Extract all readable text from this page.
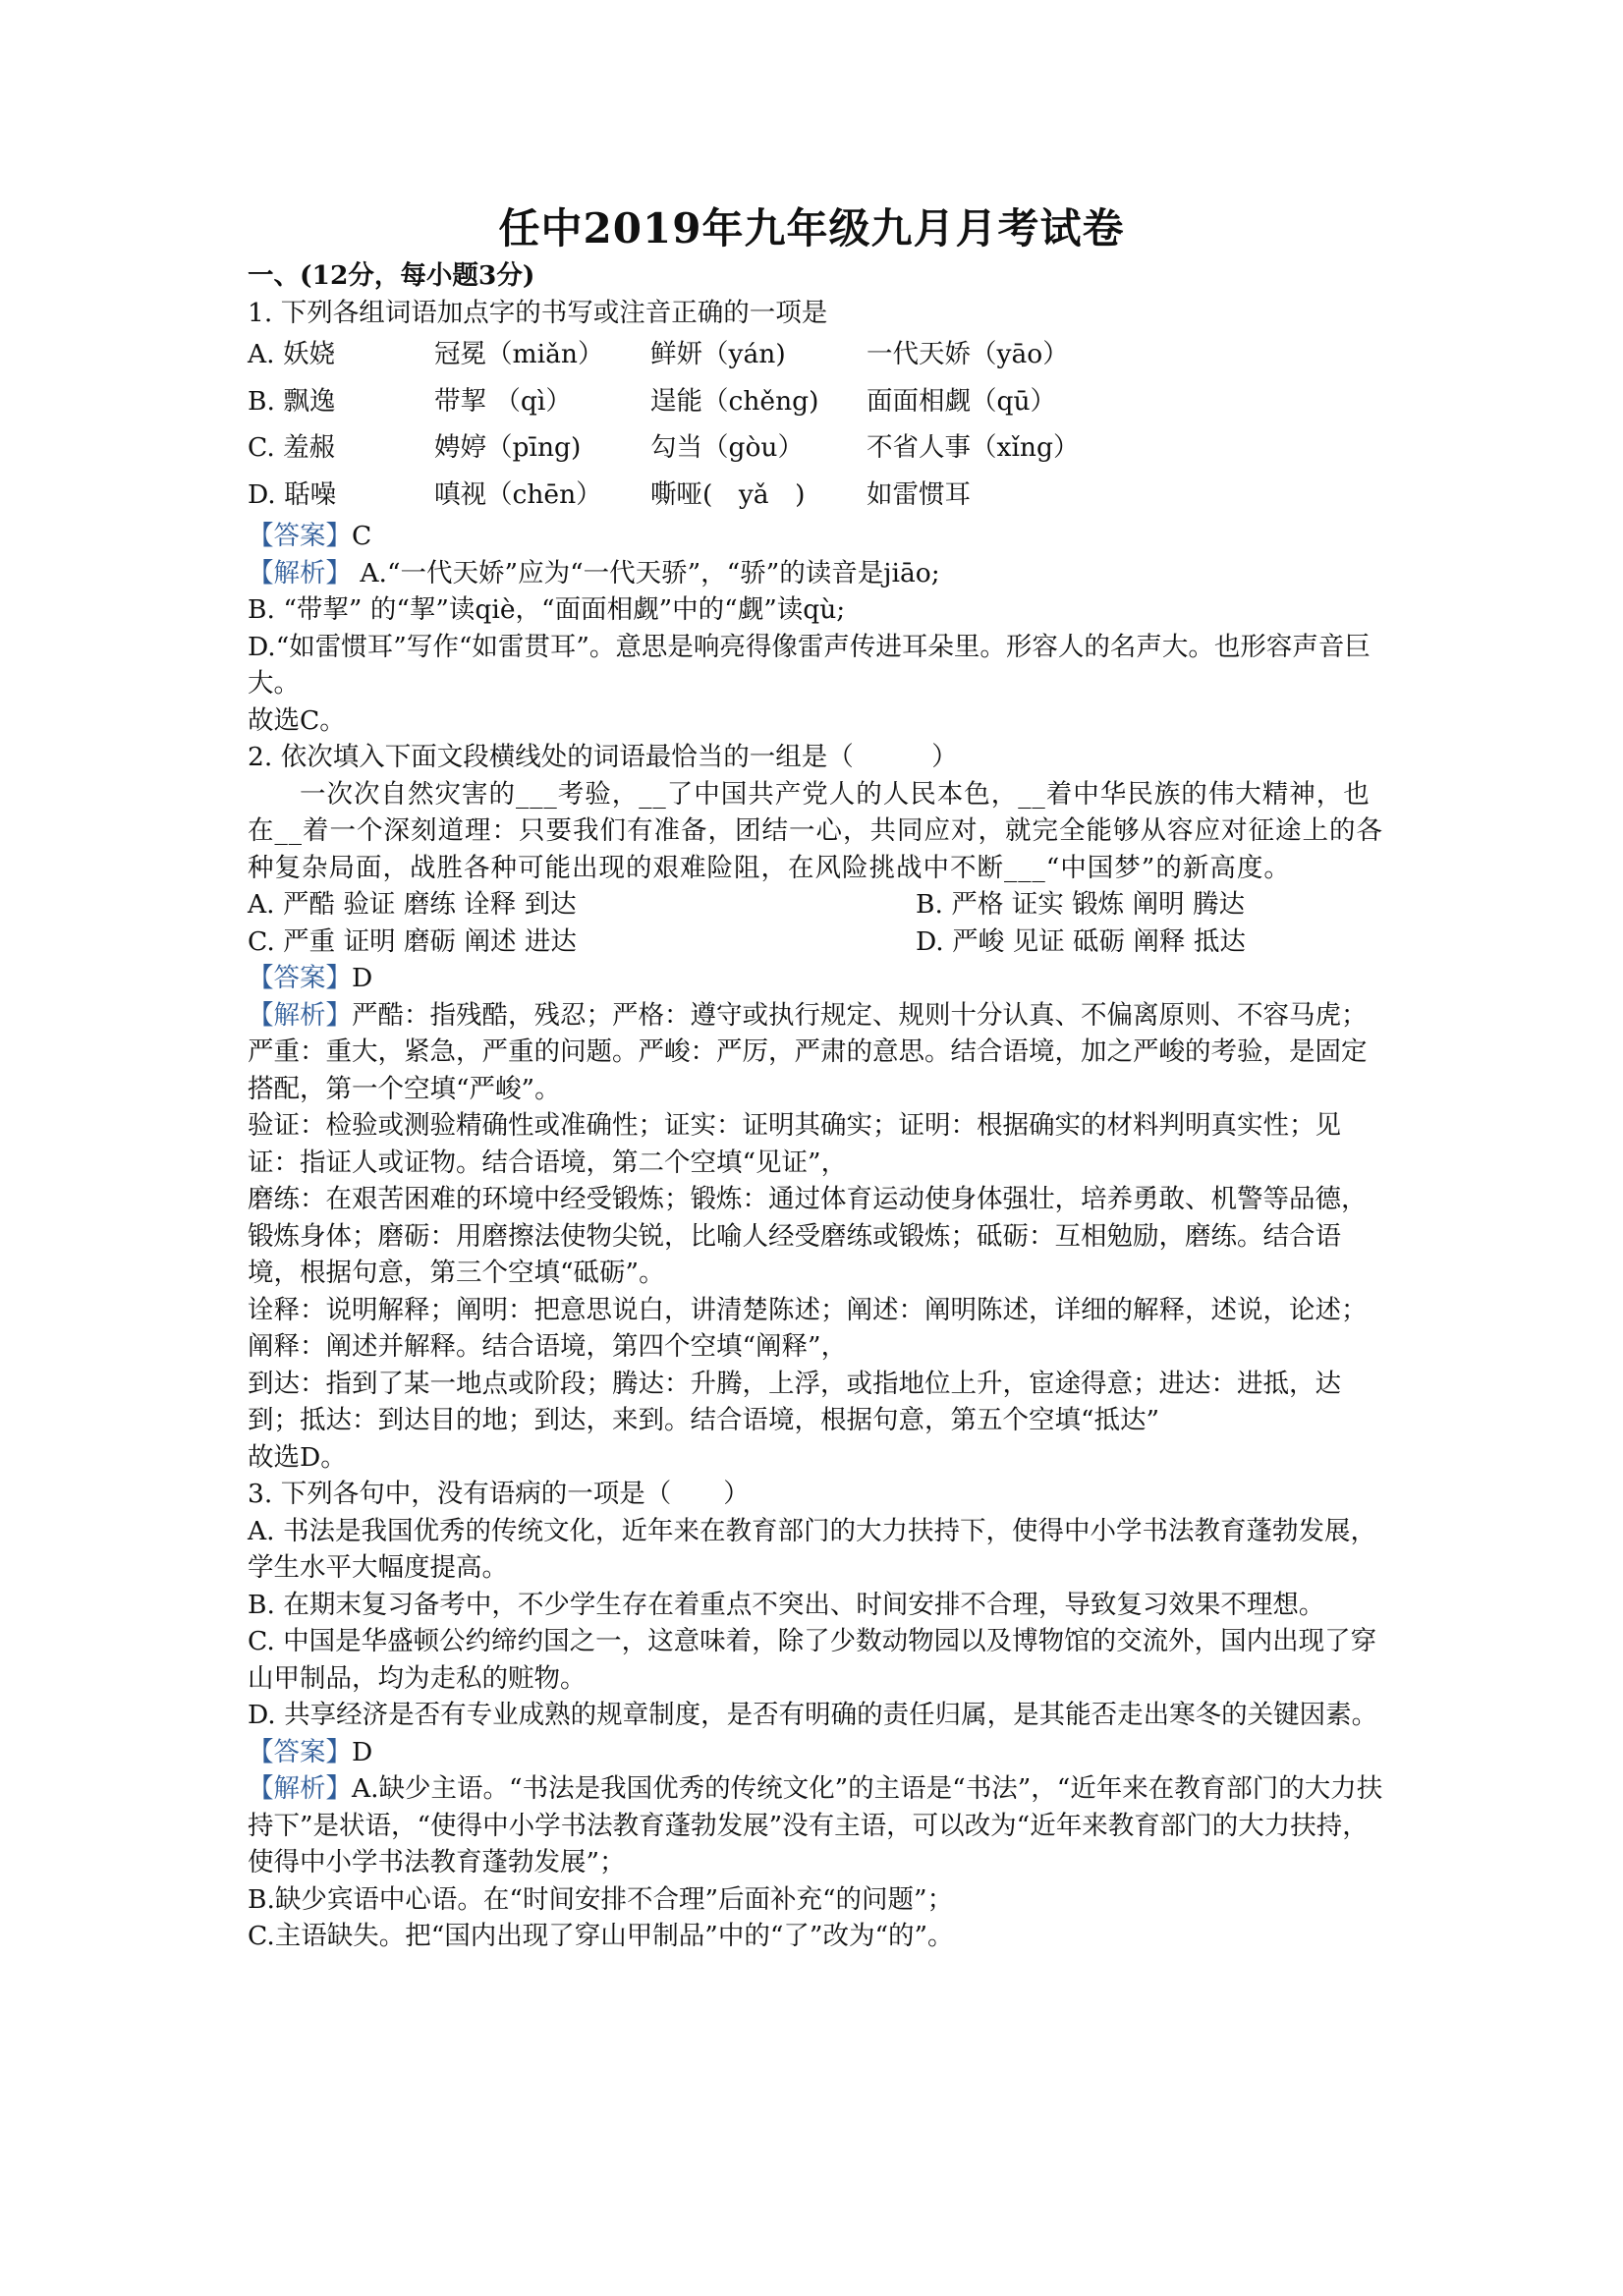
任中2019年九年级九月月考试卷

一、(12分，每小题3分)

1. 下列各组词语加点字的书写或注音正确的一项是

A. 妖娆	冠冕（miǎn）	鲜妍（yán)	一代天娇（yāo）
B. 飘逸	带挈 （qì）	逞能（chěng)	面面相觑（qū）
C. 羞赧	娉婷（pīng)	勾当（gòu）	不省人事（xǐng）
D. 聒噪	嗔视（chēn）	嘶哑(　yǎ　)	如雷惯耳

【答案】C

【解析】 A.“一代天娇”应为“一代天骄”，“骄”的读音是jiāo;

B. “带挈” 的“挈”读qiè，“面面相觑”中的“觑”读qù;

D.“如雷惯耳”写作“如雷贯耳”。意思是响亮得像雷声传进耳朵里。形容人的名声大。也形容声音巨大。

故选C。

2. 依次填入下面文段横线处的词语最恰当的一组是（　　　）

一次次自然灾害的___考验，__了中国共产党人的人民本色，__着中华民族的伟大精神，也在__着一个深刻道理：只要我们有准备，团结一心，共同应对，就完全能够从容应对征途上的各种复杂局面，战胜各种可能出现的艰难险阻，在风险挑战中不断___“中国梦”的新高度。

A. 严酷 验证 磨练 诠释 到达	B. 严格 证实 锻炼 阐明 腾达
C. 严重 证明 磨砺 阐述 进达	D. 严峻 见证 砥砺 阐释 抵达

【答案】D

【解析】严酷：指残酷，残忍；严格：遵守或执行规定、规则十分认真、不偏离原则、不容马虎；严重：重大，紧急，严重的问题。严峻：严厉，严肃的意思。结合语境，加之严峻的考验，是固定搭配，第一个空填“严峻”。

验证：检验或测验精确性或准确性；证实：证明其确实；证明：根据确实的材料判明真实性；见证：指证人或证物。结合语境，第二个空填“见证”，

磨练：在艰苦困难的环境中经受锻炼；锻炼：通过体育运动使身体强壮，培养勇敢、机警等品德，锻炼身体；磨砺：用磨擦法使物尖锐，比喻人经受磨练或锻炼；砥砺：互相勉励，磨练。结合语境，根据句意，第三个空填“砥砺”。

诠释：说明解释；阐明：把意思说白，讲清楚陈述；阐述：阐明陈述，详细的解释，述说，论述；阐释：阐述并解释。结合语境，第四个空填“阐释”，

到达：指到了某一地点或阶段；腾达：升腾，上浮，或指地位上升，宦途得意；进达：进抵，达到；抵达：到达目的地；到达，来到。结合语境，根据句意，第五个空填“抵达”

故选D。

3. 下列各句中，没有语病的一项是（　　）

A. 书法是我国优秀的传统文化，近年来在教育部门的大力扶持下，使得中小学书法教育蓬勃发展，学生水平大幅度提高。

B. 在期末复习备考中，不少学生存在着重点不突出、时间安排不合理，导致复习效果不理想。

C. 中国是华盛顿公约缔约国之一，这意味着，除了少数动物园以及博物馆的交流外，国内出现了穿山甲制品，均为走私的赃物。

D. 共享经济是否有专业成熟的规章制度，是否有明确的责任归属，是其能否走出寒冬的关键因素。

【答案】D

【解析】A.缺少主语。“书法是我国优秀的传统文化”的主语是“书法”，“近年来在教育部门的大力扶持下”是状语，“使得中小学书法教育蓬勃发展”没有主语，可以改为“近年来教育部门的大力扶持，使得中小学书法教育蓬勃发展”；

B.缺少宾语中心语。在“时间安排不合理”后面补充“的问题”；

C.主语缺失。把“国内出现了穿山甲制品”中的“了”改为“的”。
